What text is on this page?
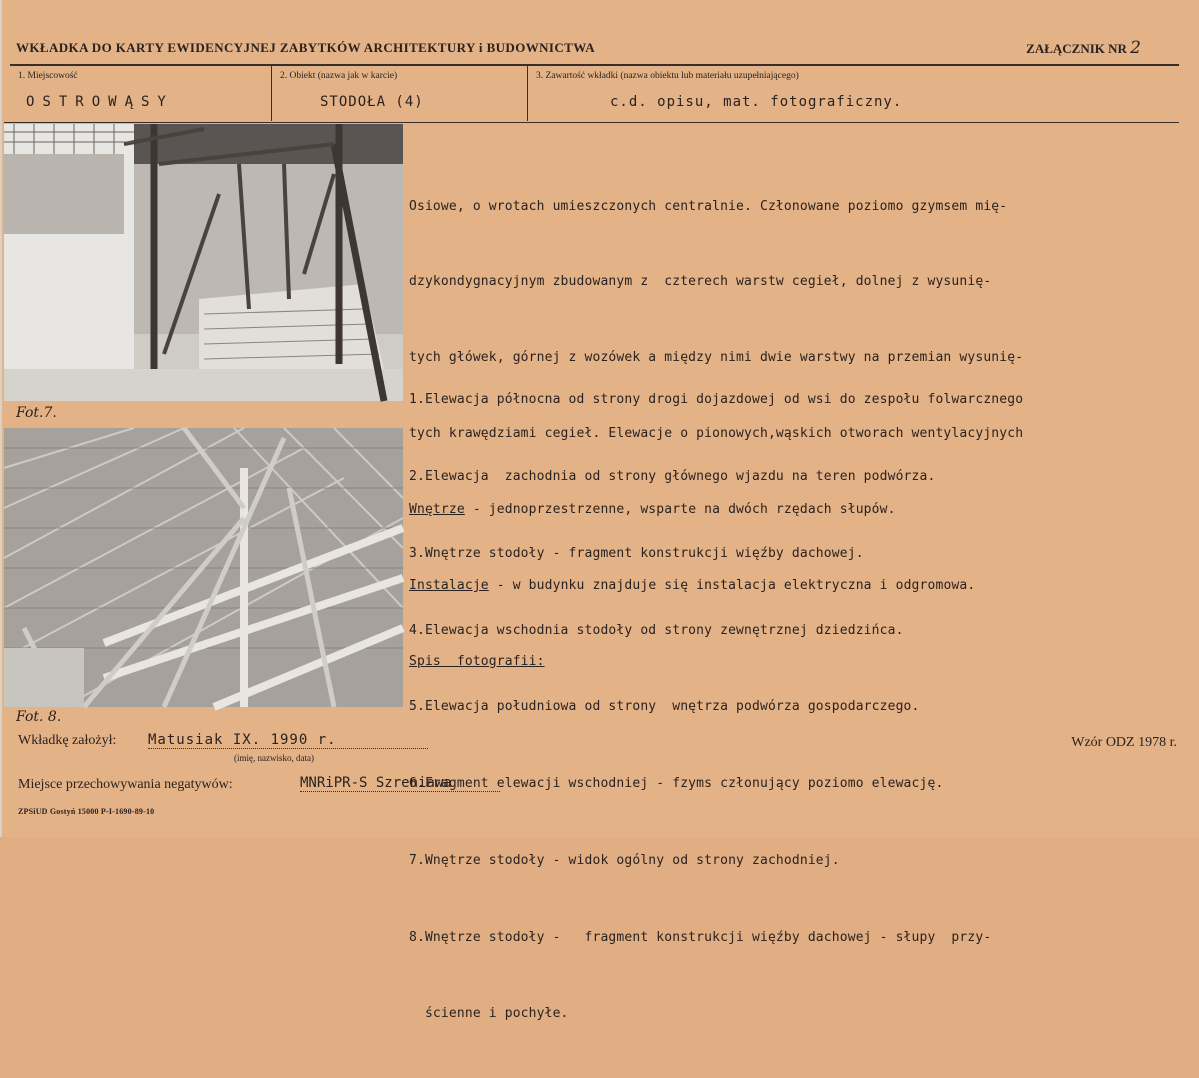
WKŁADKA DO KARTY EWIDENCYJNEJ ZABYTKÓW ARCHITEKTURY i BUDOWNICTWA	ZAŁĄCZNIK NR 2
1. Miejscowość
OSTROWĄSY
2. Obiekt (nazwa jak w karcie)
STODOŁA (4)
3. Zawartość wkładki (nazwa obiektu lub materiału uzupełniającego)
c.d. opisu, mat. fotograficzny.
Fot.7.
Fot. 8.

Osiowe, o wrotach umieszczonych centralnie. Członowane poziomo gzymsem mię-

dzykondygnacyjnym zbudowanym z  czterech warstw cegieł, dolnej z wysunię-

tych główek, górnej z wozówek a między nimi dwie warstwy na przemian wysunię-

tych krawędziami cegieł. Elewacje o pionowych,wąskich otworach wentylacyjnych

Wnętrze - jednoprzestrzenne, wsparte na dwóch rzędach słupów.

Instalacje - w budynku znajduje się instalacja elektryczna i odgromowa.

Spis  fotografii:

1.Elewacja północna od strony drogi dojazdowej od wsi do zespołu folwarcznego

2.Elewacja  zachodnia od strony głównego wjazdu na teren podwórza.

3.Wnętrze stodoły - fragment konstrukcji więźby dachowej.

4.Elewacja wschodnia stodoły od strony zewnętrznej dziedzińca.

5.Elewacja południowa od strony  wnętrza podwórza gospodarczego.

6.Fragment elewacji wschodniej - fzyms członujący poziomo elewację.

7.Wnętrze stodoły - widok ogólny od strony zachodniej.

8.Wnętrze stodoły -   fragment konstrukcji więźby dachowej - słupy  przy-

ścienne i pochyłe.

Wkładkę założył: Matusiak IX. 1990 r.
(imię, nazwisko, data)
Wzór ODZ 1978 r.
Miejsce przechowywania negatywów:	MNRiPR-S Szreniawa
ZPSiUD Gostyń 15000 P-I-1690-89-10
